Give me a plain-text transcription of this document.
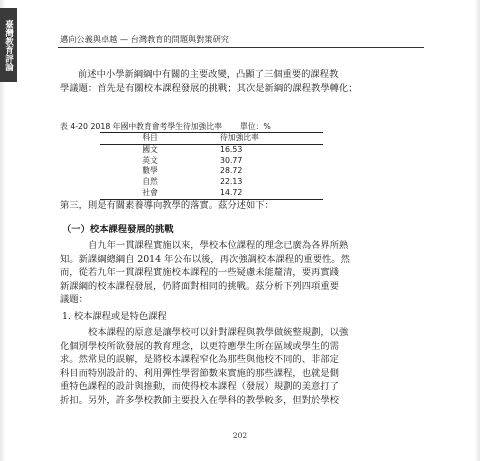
臺灣教育評論	邁向公義與卓越 — 台灣教育的問題與對策研究

前述中小學新綱綱中有關的主要改變，凸顯了三個重要的課程教
學議題：首先是有關校本課程發展的挑戰；其次是新綱的課程教學轉化；

表 4-20 2018 年國中教育會考學生待加強比率 單位：%
科目	待加強比率
國文	16.53
英文	30.77
數學	28.72
自然	22.13
社會	14.72

第三，則是有關素養導向教學的落實。茲分述如下：

（一）校本課程發展的挑戰

自九年一貫課程實施以來，學校本位課程的理念已廣為各界所熟
知。新課綱總綱自 2014 年公布以後，再次強調校本課程的重要性。然
而，從若九年一貫課程實施校本課程的一些疑慮未能釐清，要再實踐
新課綱的校本課程發展，仍將面對相同的挑戰。茲分析下列四項重要
議題：

1. 校本課程或是特色課程

校本課程的原意是讓學校可以針對課程與教學做統整規劃，以強
化個別學校所欲發展的教育理念，以更符應學生所在區域或學生的需
求。然常見的誤解，是將校本課程窄化為那些與他校不同的、非部定
科目而特別設計的、利用彈性學習節數來實施的那些課程，也就是側
重特色課程的設計與推動，而使得校本課程（發展）規劃的美意打了
折扣。另外，許多學校教師主要投入在學科的教學較多，但對於學校

202
